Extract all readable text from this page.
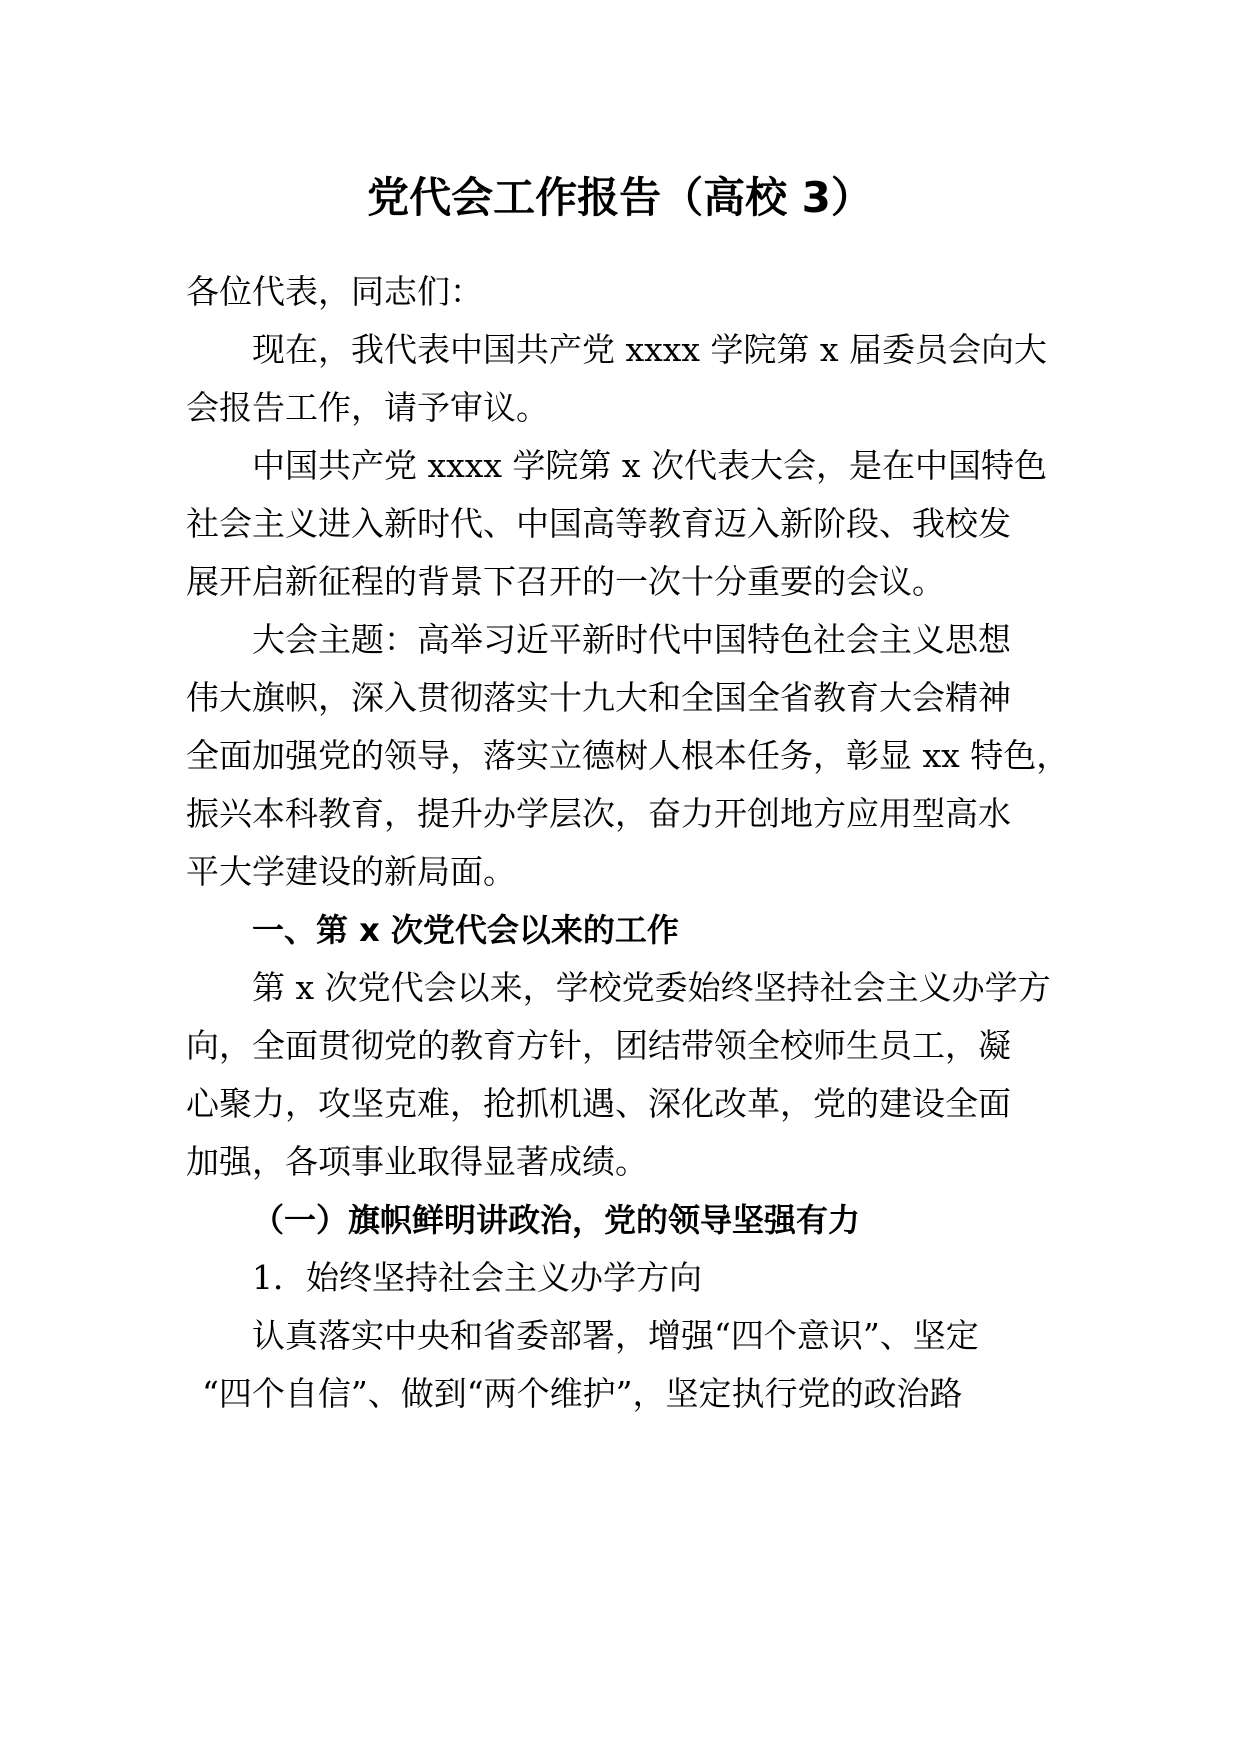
党代会工作报告（高校 3）
各位代表，同志们：
现在，我代表中国共产党 xxxx 学院第 x 届委员会向大
会报告工作，请予审议。
中国共产党 xxxx 学院第 x 次代表大会，是在中国特色
社会主义进入新时代、中国高等教育迈入新阶段、我校发
展开启新征程的背景下召开的一次十分重要的会议。
大会主题：高举习近平新时代中国特色社会主义思想
伟大旗帜，深入贯彻落实十九大和全国全省教育大会精神
全面加强党的领导，落实立德树人根本任务，彰显 xx 特色，
振兴本科教育，提升办学层次，奋力开创地方应用型高水
平大学建设的新局面。
一、第 x 次党代会以来的工作
第 x 次党代会以来，学校党委始终坚持社会主义办学方
向，全面贯彻党的教育方针，团结带领全校师生员工，凝
心聚力，攻坚克难，抢抓机遇、深化改革，党的建设全面
加强，各项事业取得显著成绩。
（一）旗帜鲜明讲政治，党的领导坚强有力
1．始终坚持社会主义办学方向
认真落实中央和省委部署，增强“四个意识”、坚定
“四个自信”、做到“两个维护”，坚定执行党的政治路
